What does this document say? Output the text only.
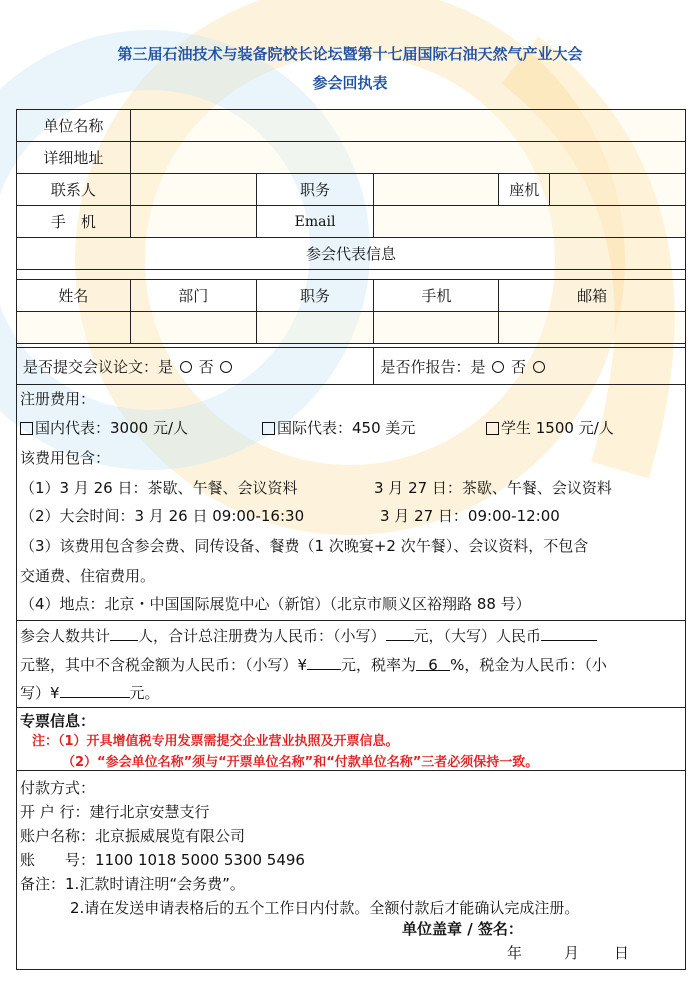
第三届石油技术与装备院校长论坛暨第十七届国际石油天然气产业大会
参会回执表
单位名称					
详细地址					
联系人		职务		座机	
手　机		Email			
参会代表信息					
姓名	部门	职务	手机	邮箱

是否提交会议论文：是 否	是否作报告：是 否
注册费用：
国内代表：3000 元/人	国际代表：450 美元	学生 1500 元/人
该费用包含：
（1）3 月 26 日：茶歇、午餐、会议资料	3 月 27 日：茶歇、午餐、会议资料
（2）大会时间：3 月 26 日 09:00-16:30	3 月 27 日：09:00-12:00
（3）该费用包含参会费、同传设备、餐费（1 次晚宴+2 次午餐）、会议资料，不包含
交通费、住宿费用。
（4）地点：北京・中国国际展览中心（新馆）（北京市顺义区裕翔路 88 号）
参会人数共计 人，合计总注册费为人民币：（小写） 元，（大写）人民币
元整，其中不含税金额为人民币：（小写）¥ 元，税率为 6 %，税金为人民币：（小
写）¥	元。
专票信息：
注：（1）开具增值税专用发票需提交企业营业执照及开票信息。
（2）“参会单位名称”须与“开票单位名称”和“付款单位名称”三者必须保持一致。
付款方式：
开 户 行：建行北京安慧支行
账户名称：北京振威展览有限公司
账　　号：1100 1018 5000 5300 5496
备注：1.汇款时请注明“会务费”。
2.请在发送申请表格后的五个工作日内付款。全额付款后才能确认完成注册。
单位盖章 / 签名：
年	月 日
